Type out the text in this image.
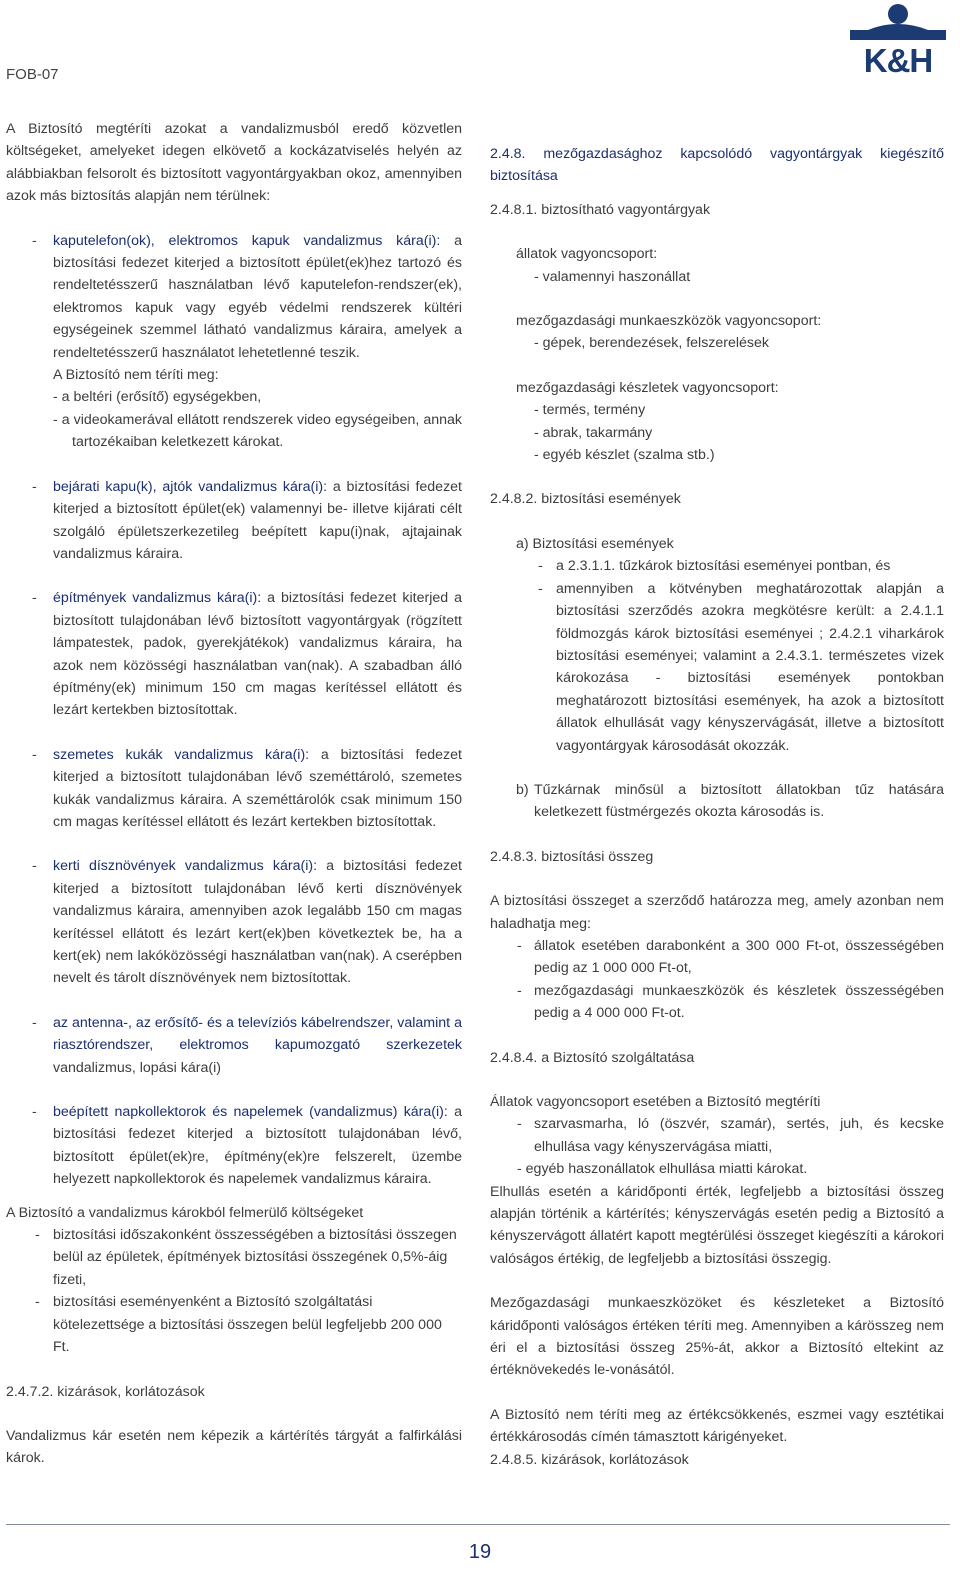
FOB-07	K&H

A Biztosító megtéríti azokat a vandalizmusból eredő közvetlen költségeket, amelyeket idegen elkövető a kockázatviselés helyén az alábbiakban felsorolt és biztosított vagyontárgyakban okoz, amennyiben azok más biztosítás alapján nem térülnek:

- kaputelefon(ok), elektromos kapuk vandalizmus kára(i): a biztosítási fedezet kiterjed a biztosított épület(ek)hez tartozó és rendeltetésszerű használatban lévő kaputelefon-rendszer(ek), elektromos kapuk vagy egyéb védelmi rendszerek kültéri egységeinek szemmel látható vandalizmus káraira, amelyek a rendeltetésszerű használatot lehetetlenné teszik.
A Biztosító nem téríti meg:
- a beltéri (erősítő) egységekben,
- a videokamerával ellátott rendszerek video egységeiben, annak tartozékaiban keletkezett károkat.
- bejárati kapu(k), ajtók vandalizmus kára(i): a biztosítási fedezet kiterjed a biztosított épület(ek) valamennyi be- illetve kijárati célt szolgáló épületszerkezetileg beépített kapu(i)nak, ajtajainak vandalizmus káraira.
- építmények vandalizmus kára(i): a biztosítási fedezet kiterjed a biztosított tulajdonában lévő biztosított vagyontárgyak (rögzített lámpatestek, padok, gyerekjátékok) vandalizmus káraira, ha azok nem közösségi használatban van(nak). A szabadban álló építmény(ek) minimum 150 cm magas kerítéssel ellátott és lezárt kertekben biztosítottak.
- szemetes kukák vandalizmus kára(i): a biztosítási fedezet kiterjed a biztosított tulajdonában lévő szeméttároló, szemetes kukák vandalizmus káraira. A szeméttárolók csak minimum 150 cm magas kerítéssel ellátott és lezárt kertekben biztosítottak.
- kerti dísznövények vandalizmus kára(i): a biztosítási fedezet kiterjed a biztosított tulajdonában lévő kerti dísznövények vandalizmus káraira, amennyiben azok legalább 150 cm magas kerítéssel ellátott és lezárt kert(ek)ben következtek be, ha a kert(ek) nem lakóközösségi használatban van(nak). A cserépben nevelt és tárolt dísznövények nem biztosítottak.
- az antenna-, az erősítő- és a televíziós kábelrendszer, valamint a riasztórendszer, elektromos kapumozgató szerkezetek vandalizmus, lopási kára(i)
- beépített napkollektorok és napelemek (vandalizmus) kára(i): a biztosítási fedezet kiterjed a biztosított tulajdonában lévő, biztosított épület(ek)re, építmény(ek)re felszerelt, üzembe helyezett napkollektorok és napelemek vandalizmus káraira.

A Biztosító a vandalizmus károkból felmerülő költségeket

- biztosítási időszakonként összességében a biztosítási összegen belül az épületek, építmények biztosítási összegének 0,5%-áig fizeti,
- biztosítási eseményenként a Biztosító szolgáltatási kötelezettsége a biztosítási összegen belül legfeljebb 200 000 Ft.

2.4.7.2. kizárások, korlátozások

Vandalizmus kár esetén nem képezik a kártérítés tárgyát a falfirkálási károk.

2.4.8. mezőgazdasághoz kapcsolódó vagyontárgyak kiegészítő biztosítása

2.4.8.1. biztosítható vagyontárgyak

állatok vagyoncsoport:

- valamennyi haszonállat

mezőgazdasági munkaeszközök vagyoncsoport:

- gépek, berendezések, felszerelések

mezőgazdasági készletek vagyoncsoport:

- termés, termény

- abrak, takarmány

- egyéb készlet (szalma stb.)

2.4.8.2. biztosítási események

a) Biztosítási események

- a 2.3.1.1. tűzkárok biztosítási eseményei pontban, és
- amennyiben a kötvényben meghatározottak alapján a biztosítási szerződés azokra megkötésre került: a 2.4.1.1 földmozgás károk biztosítási eseményei ; 2.4.2.1 viharkárok biztosítási eseményei; valamint a 2.4.3.1. természetes vizek károkozása - biztosítási események pontokban meghatározott biztosítási események, ha azok a biztosított állatok elhullását vagy kényszervágását, illetve a biztosított vagyontárgyak károsodását okozzák.
b) Tűzkárnak minősül a biztosított állatokban tűz hatására keletkezett füstmérgezés okozta károsodás is.

2.4.8.3. biztosítási összeg

A biztosítási összeget a szerződő határozza meg, amely azonban nem haladhatja meg:

- állatok esetében darabonként a 300 000 Ft-ot, összességében pedig az 1 000 000 Ft-ot,
- mezőgazdasági munkaeszközök és készletek összességében pedig a 4 000 000 Ft-ot.

2.4.8.4. a Biztosító szolgáltatása

Állatok vagyoncsoport esetében a Biztosító megtéríti

- szarvasmarha, ló (öszvér, szamár), sertés, juh, és kecske elhullása vagy kényszervágása miatti,

- egyéb haszonállatok elhullása miatti károkat.

Elhullás esetén a káridőponti érték, legfeljebb a biztosítási összeg alapján történik a kártérítés; kényszervágás esetén pedig a Biztosító a kényszervágott állatért kapott megtérülési összeget kiegészíti a károkori valóságos értékig, de legfeljebb a biztosítási összegig.

Mezőgazdasági munkaeszközöket és készleteket a Biztosító káridőponti valóságos értéken téríti meg. Amennyiben a kárösszeg nem éri el a biztosítási összeg 25%-át, akkor a Biztosító eltekint az értéknövekedés le-vonásától.

A Biztosító nem téríti meg az értékcsökkenés, eszmei vagy esztétikai értékkárosodás címén támasztott kárigényeket.

2.4.8.5. kizárások, korlátozások

19
